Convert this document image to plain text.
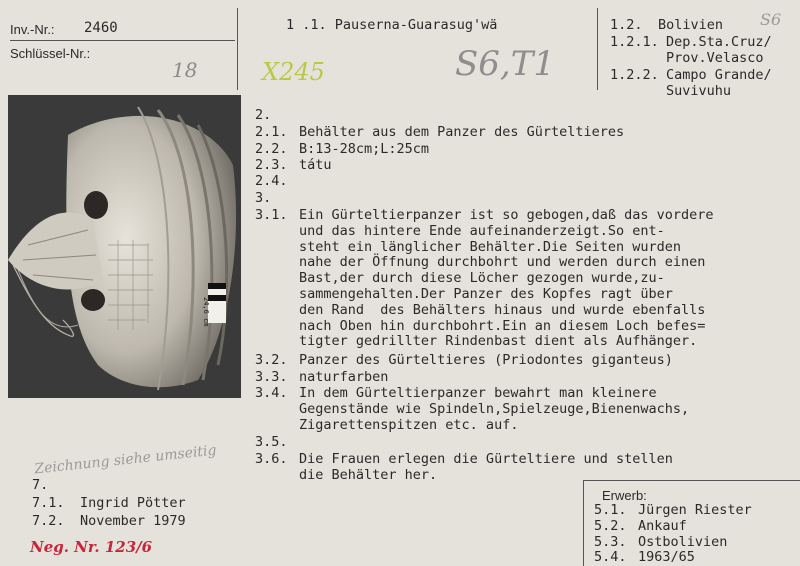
Inv.-Nr.: 2460
Schlüssel-Nr.:
18	X245	S6,T1
S6
1 .1. Pauserna-Guarasug'wä	1.2. Bolivien
1.2.1. Dep.Sta.Cruz/
Prov.Velasco
1.2.2. Campo Grande/
Suvivuhu
24,6 cm
2.
2.1. Behälter aus dem Panzer des Gürteltieres
2.2. B:13-28cm;L:25cm
2.3. tátu
2.4.
3.
3.1. Ein Gürteltierpanzer ist so gebogen,daß das vordere
und das hintere Ende aufeinanderzeigt.So ent-
steht ein länglicher Behälter.Die Seiten wurden
nahe der Öffnung durchbohrt und werden durch einen
Bast,der durch diese Löcher gezogen wurde,zu-
sammengehalten.Der Panzer des Kopfes ragt über
den Rand  des Behälters hinaus und wurde ebenfalls
nach Oben hin durchbohrt.Ein an diesem Loch befes=
tigter gedrillter Rindenbast dient als Aufhänger.
3.2. Panzer des Gürteltieres (Priodontes giganteus)
3.3. naturfarben
3.4. In dem Gürteltierpanzer bewahrt man kleinere
Gegenstände wie Spindeln,Spielzeuge,Bienenwachs,
Zigarettenspitzen etc. auf.
3.5.
3.6. Die Frauen erlegen die Gürteltiere und stellen
die Behälter her.
Zeichnung siehe umseitig
7.
7.1. Ingrid Pötter
7.2. November 1979
Neg. Nr. 123/6
Erwerb:
5.1. Jürgen Riester
5.2. Ankauf
5.3. Ostbolivien
5.4. 1963/65
